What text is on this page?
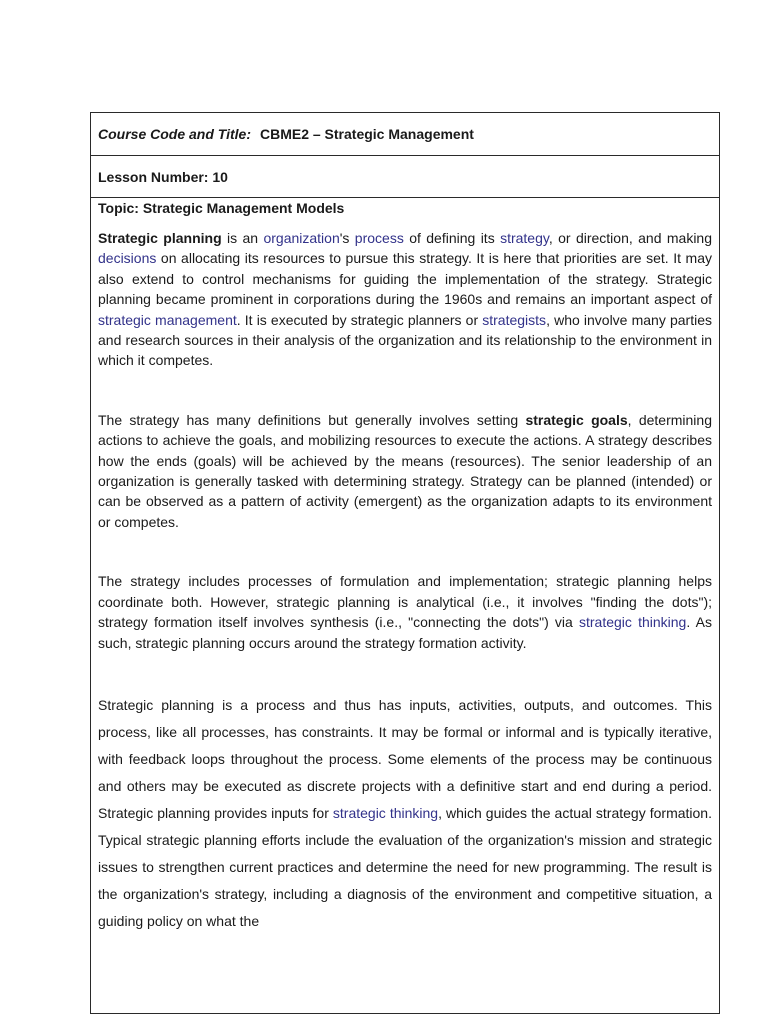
Course Code and Title: CBME2 – Strategic Management
Lesson Number: 10
Topic: Strategic Management Models

Strategic planning is an organization's process of defining its strategy, or direction, and making decisions on allocating its resources to pursue this strategy. It is here that priorities are set. It may also extend to control mechanisms for guiding the implementation of the strategy. Strategic planning became prominent in corporations during the 1960s and remains an important aspect of strategic management. It is executed by strategic planners or strategists, who involve many parties and research sources in their analysis of the organization and its relationship to the environment in which it competes.

The strategy has many definitions but generally involves setting strategic goals, determining actions to achieve the goals, and mobilizing resources to execute the actions. A strategy describes how the ends (goals) will be achieved by the means (resources). The senior leadership of an organization is generally tasked with determining strategy. Strategy can be planned (intended) or can be observed as a pattern of activity (emergent) as the organization adapts to its environment or competes.

The strategy includes processes of formulation and implementation; strategic planning helps coordinate both. However, strategic planning is analytical (i.e., it involves "finding the dots"); strategy formation itself involves synthesis (i.e., "connecting the dots") via strategic thinking. As such, strategic planning occurs around the strategy formation activity.

Strategic planning is a process and thus has inputs, activities, outputs, and outcomes. This process, like all processes, has constraints. It may be formal or informal and is typically iterative, with feedback loops throughout the process. Some elements of the process may be continuous and others may be executed as discrete projects with a definitive start and end during a period. Strategic planning provides inputs for strategic thinking, which guides the actual strategy formation. Typical strategic planning efforts include the evaluation of the organization's mission and strategic issues to strengthen current practices and determine the need for new programming. The result is the organization's strategy, including a diagnosis of the environment and competitive situation, a guiding policy on what the
